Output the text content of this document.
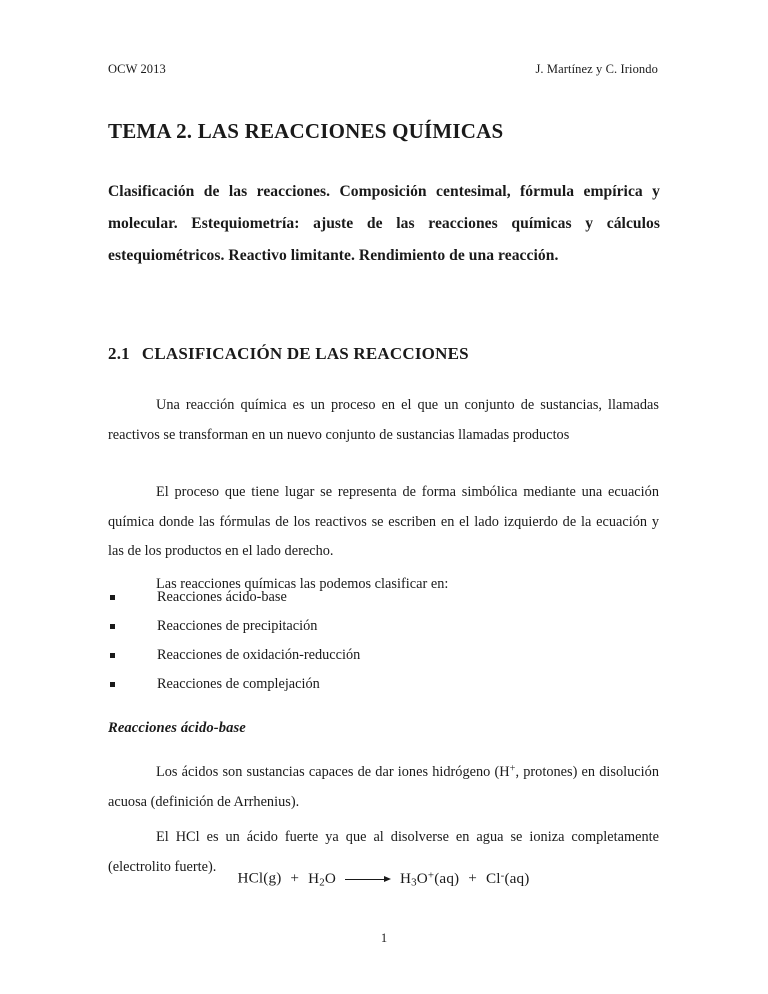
OCW 2013	J. Martínez y C. Iriondo
TEMA 2. LAS REACCIONES QUÍMICAS

Clasificación de las reacciones. Composición centesimal, fórmula empírica y molecular. Estequiometría: ajuste de las reacciones químicas y cálculos estequiométricos. Reactivo limitante. Rendimiento de una reacción.

2.1 CLASIFICACIÓN DE LAS REACCIONES

Una reacción química es un proceso en el que un conjunto de sustancias, llamadas reactivos se transforman en un nuevo conjunto de sustancias llamadas productos

El proceso que tiene lugar se representa de forma simbólica mediante una ecuación química donde las fórmulas de los reactivos se escriben en el lado izquierdo de la ecuación y las de los productos en el lado derecho.

Las reacciones químicas las podemos clasificar en:

Reacciones ácido-base
Reacciones de precipitación
Reacciones de oxidación-reducción
Reacciones de complejación
Reacciones ácido-base

Los ácidos son sustancias capaces de dar iones hidrógeno (H+, protones) en disolución acuosa (definición de Arrhenius).

El HCl es un ácido fuerte ya que al disolverse en agua se ioniza completamente (electrolito fuerte).

$HCl(g) + H_2O$	$H_3O^+(aq) + Cl^-(aq)$
1
